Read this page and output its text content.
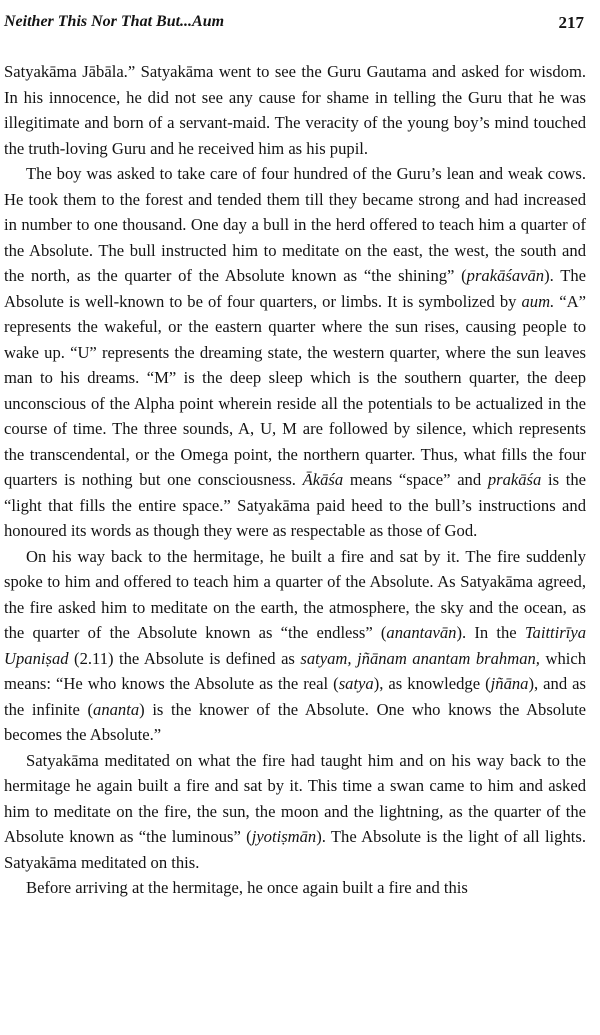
Neither This Nor That But...Aum	217

Satyakāma Jābāla.” Satyakāma went to see the Guru Gautama and asked for wisdom. In his innocence, he did not see any cause for shame in telling the Guru that he was illegitimate and born of a servant-maid. The veracity of the young boy’s mind touched the truth-loving Guru and he received him as his pupil.

The boy was asked to take care of four hundred of the Guru’s lean and weak cows. He took them to the forest and tended them till they became strong and had increased in number to one thousand. One day a bull in the herd offered to teach him a quarter of the Absolute. The bull instructed him to meditate on the east, the west, the south and the north, as the quarter of the Absolute known as “the shining” (prakāśavān). The Absolute is well-known to be of four quarters, or limbs. It is symbolized by aum. “A” represents the wakeful, or the eastern quarter where the sun rises, causing people to wake up. “U” represents the dreaming state, the western quarter, where the sun leaves man to his dreams. “M” is the deep sleep which is the southern quarter, the deep unconscious of the Alpha point wherein reside all the potentials to be actualized in the course of time. The three sounds, A, U, M are followed by silence, which represents the transcendental, or the Omega point, the northern quarter. Thus, what fills the four quarters is nothing but one consciousness. Ākāśa means “space” and prakāśa is the “light that fills the entire space.” Satyakāma paid heed to the bull’s instructions and honoured its words as though they were as respectable as those of God.

On his way back to the hermitage, he built a fire and sat by it. The fire suddenly spoke to him and offered to teach him a quarter of the Absolute. As Satyakāma agreed, the fire asked him to meditate on the earth, the atmosphere, the sky and the ocean, as the quarter of the Absolute known as “the endless” (anantavān). In the Taittirīya Upaniṣad (2.11) the Absolute is defined as satyam, jñānam anantam brahman, which means: “He who knows the Absolute as the real (satya), as knowledge (jñāna), and as the infinite (ananta) is the knower of the Absolute. One who knows the Absolute becomes the Absolute.”

Satyakāma meditated on what the fire had taught him and on his way back to the hermitage he again built a fire and sat by it. This time a swan came to him and asked him to meditate on the fire, the sun, the moon and the lightning, as the quarter of the Absolute known as “the luminous” (jyotiṣmān). The Absolute is the light of all lights. Satyakāma meditated on this.

Before arriving at the hermitage, he once again built a fire and this
